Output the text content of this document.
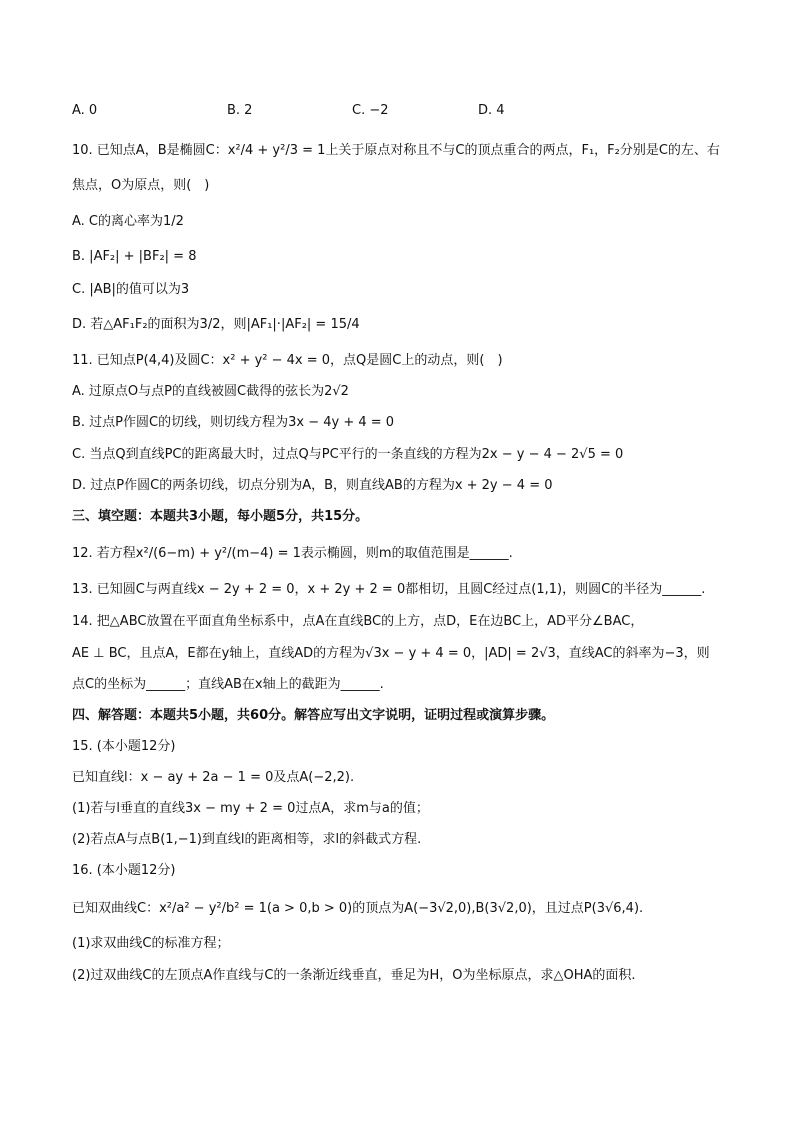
A. 0	B. 2	C. −2	D. 4
10. 已知点A，B是椭圆C：x²/4 + y²/3 = 1上关于原点对称且不与C的顶点重合的两点，F₁，F₂分别是C的左、右
焦点，O为原点，则(　)
A. C的离心率为1/2
B. |AF₂| + |BF₂| = 8
C. |AB|的值可以为3
D. 若△AF₁F₂的面积为3/2，则|AF₁|·|AF₂| = 15/4
11. 已知点P(4,4)及圆C：x² + y² − 4x = 0，点Q是圆C上的动点，则(　)
A. 过原点O与点P的直线被圆C截得的弦长为2√2
B. 过点P作圆C的切线，则切线方程为3x − 4y + 4 = 0
C. 当点Q到直线PC的距离最大时，过点Q与PC平行的一条直线的方程为2x − y − 4 − 2√5 = 0
D. 过点P作圆C的两条切线，切点分别为A，B，则直线AB的方程为x + 2y − 4 = 0
三、填空题：本题共3小题，每小题5分，共15分。
12. 若方程x²/(6−m) + y²/(m−4) = 1表示椭圆，则m的取值范围是______.
13. 已知圆C与两直线x − 2y + 2 = 0，x + 2y + 2 = 0都相切，且圆C经过点(1,1)，则圆C的半径为______.
14. 把△ABC放置在平面直角坐标系中，点A在直线BC的上方，点D，E在边BC上，AD平分∠BAC，
AE ⊥ BC，且点A，E都在y轴上，直线AD的方程为√3x − y + 4 = 0，|AD| = 2√3，直线AC的斜率为−3，则
点C的坐标为______；直线AB在x轴上的截距为______.
四、解答题：本题共5小题，共60分。解答应写出文字说明，证明过程或演算步骤。
15. (本小题12分)
已知直线l：x − ay + 2a − 1 = 0及点A(−2,2).
(1)若与l垂直的直线3x − my + 2 = 0过点A，求m与a的值；
(2)若点A与点B(1,−1)到直线l的距离相等，求l的斜截式方程.
16. (本小题12分)
已知双曲线C：x²/a² − y²/b² = 1(a > 0,b > 0)的顶点为A(−3√2,0),B(3√2,0)，且过点P(3√6,4).
(1)求双曲线C的标准方程；
(2)过双曲线C的左顶点A作直线与C的一条渐近线垂直，垂足为H，O为坐标原点，求△OHA的面积.
